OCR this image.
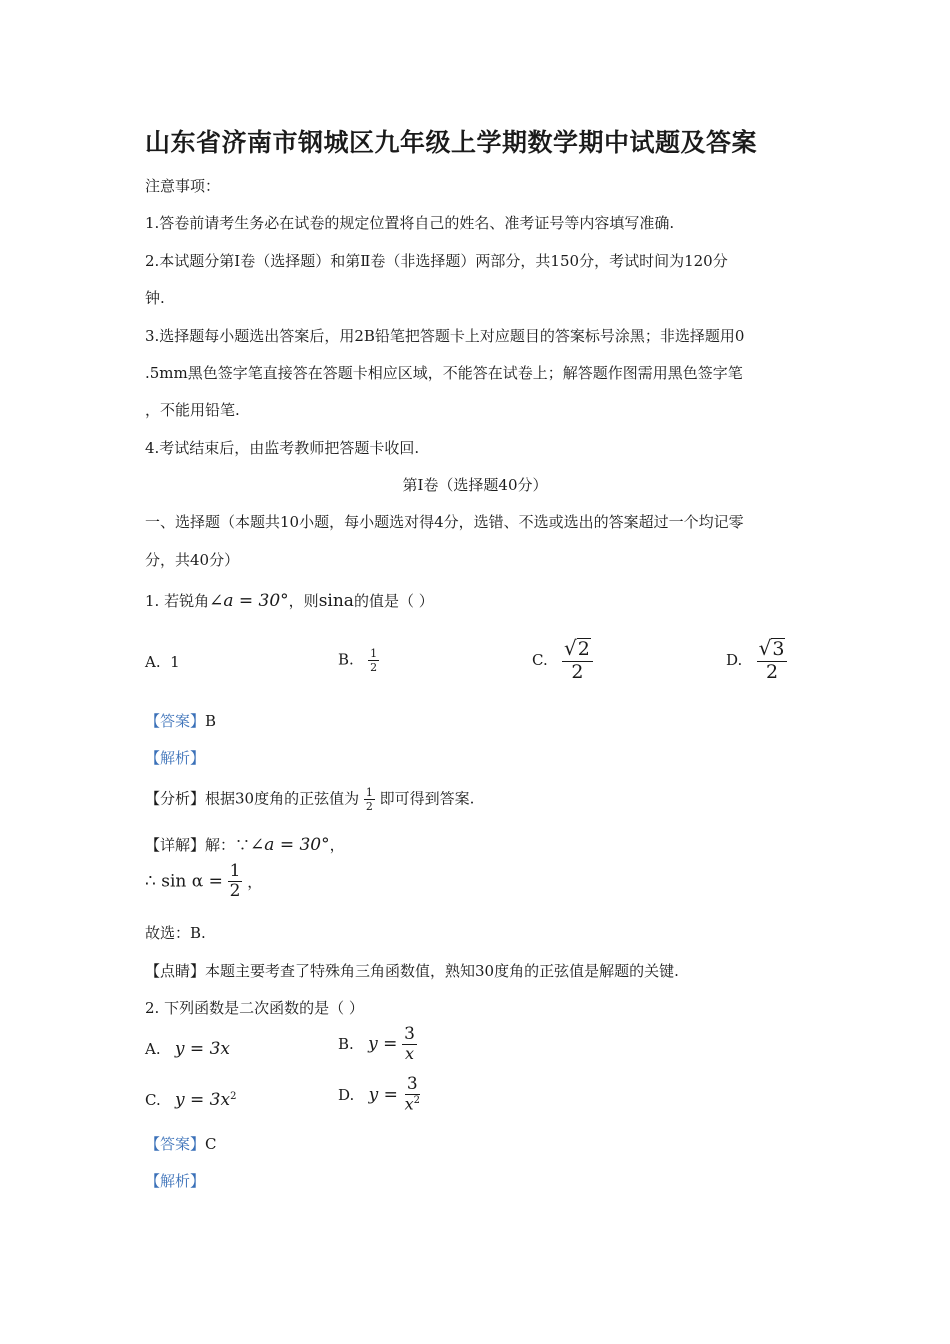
山东省济南市钢城区九年级上学期数学期中试题及答案
注意事项：
1.答卷前请考生务必在试卷的规定位置将自己的姓名、准考证号等内容填写准确.
2.本试题分第Ⅰ卷（选择题）和第Ⅱ卷（非选择题）两部分，共150分，考试时间为120分
钟.
3.选择题每小题选出答案后，用2B铅笔把答题卡上对应题目的答案标号涂黑；非选择题用0
.5mm黑色签字笔直接答在答题卡相应区域，不能答在试卷上；解答题作图需用黑色签字笔
，不能用铅笔.
4.考试结束后，由监考教师把答题卡收回.
第Ⅰ卷（选择题40分）
一、选择题（本题共10小题，每小题选对得4分，选错、不选或选出的答案超过一个均记零
分，共40分）
1. 若锐角∠a = 30°，则sina的值是（ ）
A. 1	B. $\frac{1}{2}$	C. $\frac{√ 2}{2}$	D. $\frac{√ 3}{2}$
【答案】B
【解析】
【分析】根据30度角的正弦值为 $\frac{1}{2}$ 即可得到答案.
【详解】解：∵∠a = 30°，
∴ $\sin \alpha = \frac{1}{2}$ ，
故选：B.
【点睛】本题主要考查了特殊角三角函数值，熟知30度角的正弦值是解题的关键.
2. 下列函数是二次函数的是（ ）
A. y = 3x	B. $y = \frac{3}{x}$
C. $y = 3x^2$	D. $y = \frac{3}{x^2}$
【答案】C
【解析】
